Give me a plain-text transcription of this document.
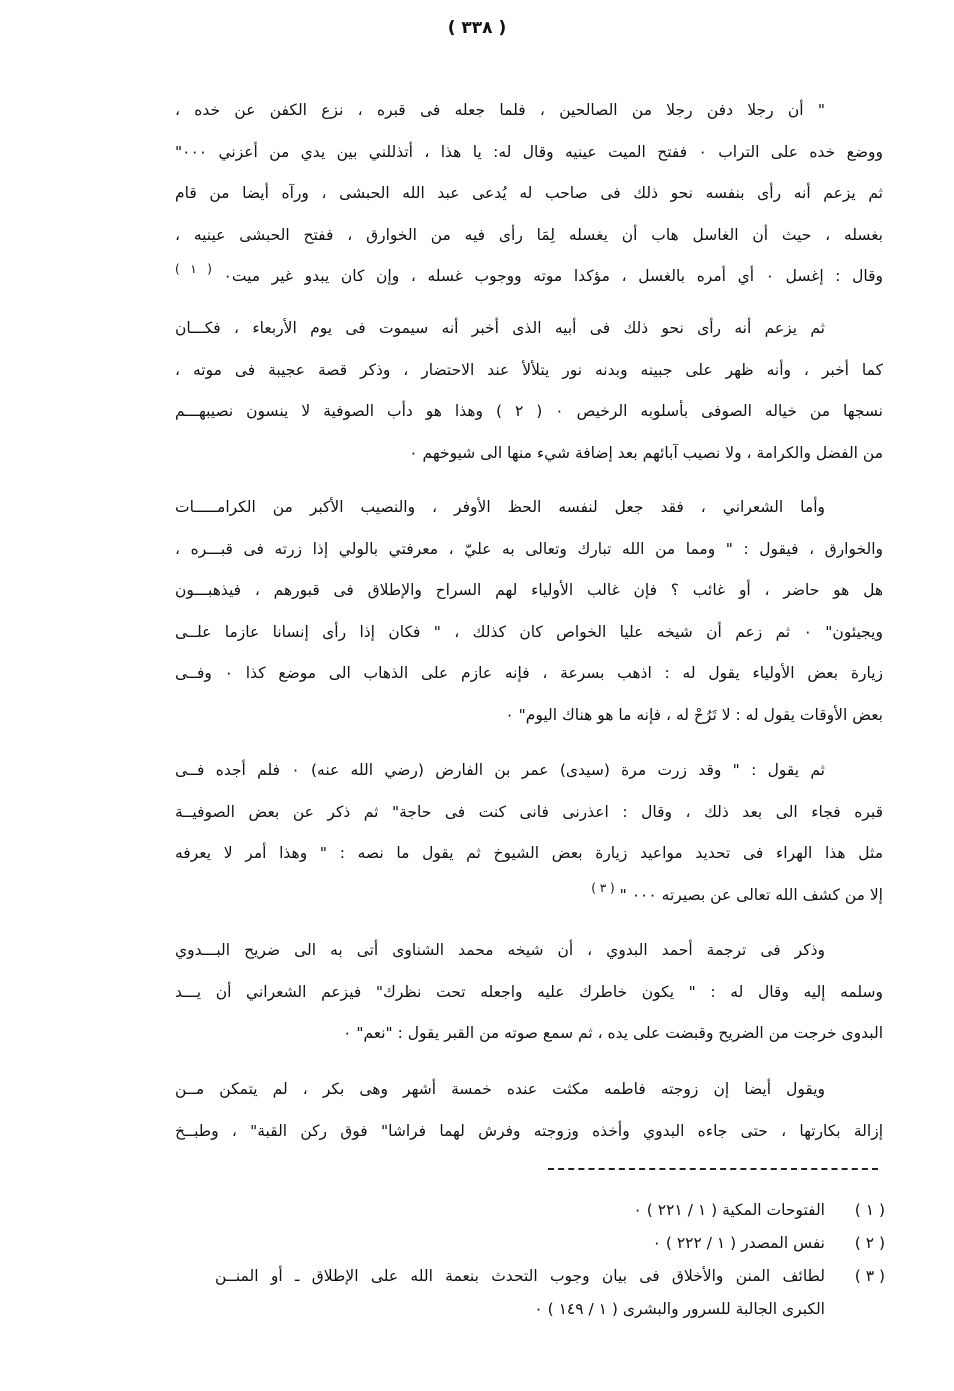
( ٣٣٨ )
" أن رجلا دفن رجلا من الصالحين ، فلما جعله فى قبره ، نزع الكفن عن خده ،
ووضع خده على التراب ٠ ففتح الميت عينيه وقال له: يا هذا ، أتذللني بين يدي من أعزني ٠٠٠"
ثم يزعم أنه رأى بنفسه نحو ذلك فى صاحب له يُدعى عبد الله الحبشى ، ورآه أيضا من قام
بغسله ، حيث أن الغاسل هاب أن يغسله لِمَا رأى فيه من الخوارق ، ففتح الحبشى عينيه ،
وقال : إغسل ٠ أي أمره بالغسل ، مؤكدا موته ووجوب غسله ، وإن كان يبدو غير ميت٠ $^{( ١ )}$
ثم يزعم أنه رأى نحو ذلك فى أبيه الذى أخبر أنه سيموت فى يوم الأربعاء ، فكـــان
كما أخبر ، وأنه ظهر على جبينه وبدنه نور يتلألأ عند الاحتضار ، وذكر قصة عجيبة فى موته ،
نسجها من خياله الصوفى بأسلوبه الرخيص ٠ ( ٢ ) وهذا هو دأب الصوفية لا ينسون نصيبهـــم
من الفضل والكرامة ، ولا نصيب آبائهم بعد إضافة شيء منها الى شيوخهم ٠
وأما الشعراني ، فقد جعل لنفسه الحظ الأوفر ، والنصيب الأكبر من الكرامـــــات
والخوارق ، فيقول : " ومما من الله تبارك وتعالى به عليّ ، معرفتي بالولي إذا زرته فى قبـــره ،
هل هو حاضر ، أو غائب ؟ فإن غالب الأولياء لهم السراح والإطلاق فى قبورهم ، فيذهبـــون
ويجيئون" ٠ ثم زعم أن شيخه عليا الخواص كان كذلك ، " فكان إذا رأى إنسانا عازما علــى
زيارة بعض الأولياء يقول له : اذهب بسرعة ، فإنه عازم على الذهاب الى موضع كذا ٠ وفــى
بعض الأوقات يقول له : لا تَرُحْ له ، فإنه ما هو هناك اليوم" ٠
ثم يقول : " وقد زرت مرة (سيدى) عمر بن الفارض (رضي الله عنه) ٠ فلم أجده فــى
قبره فجاء الى بعد ذلك ، وقال : اعذرنى فانى كنت فى حاجة" ثم ذكر عن بعض الصوفيــة
مثل هذا الهراء فى تحديد مواعيد زيارة بعض الشيوخ ثم يقول ما نصه : " وهذا أمر لا يعرفه
إلا من كشف الله تعالى عن بصيرته ٠٠٠ " $^{( ٣ )}$
وذكر فى ترجمة أحمد البدوي ، أن شيخه محمد الشناوى أتى به الى ضريح البـــدوي
وسلمه إليه وقال له : " يكون خاطرك عليه واجعله تحت نظرك" فيزعم الشعراني أن يـــد
البدوى خرجت من الضريح وقبضت على يده ، ثم سمع صوته من القبر يقول : "نعم" ٠
ويقول أيضا إن زوجته فاطمه مكثت عنده خمسة أشهر وهى بكر ، لم يتمكن مــن
إزالة بكارتها ، حتى جاءه البدوي وأخذه وزوجته وفرش لهما فراشا" فوق ركن القبة" ، وطبــخ
( ١ )
الفتوحات المكية ( ١ / ٢٢١ ) ٠
( ٢ )
نفس المصدر ( ١ / ٢٢٢ ) ٠
( ٣ )
لطائف المنن والأخلاق فى بيان وجوب التحدث بنعمة الله على الإطلاق ـ أو المنــن
الكبرى الجالبة للسرور والبشرى ( ١ / ١٤٩ ) ٠
